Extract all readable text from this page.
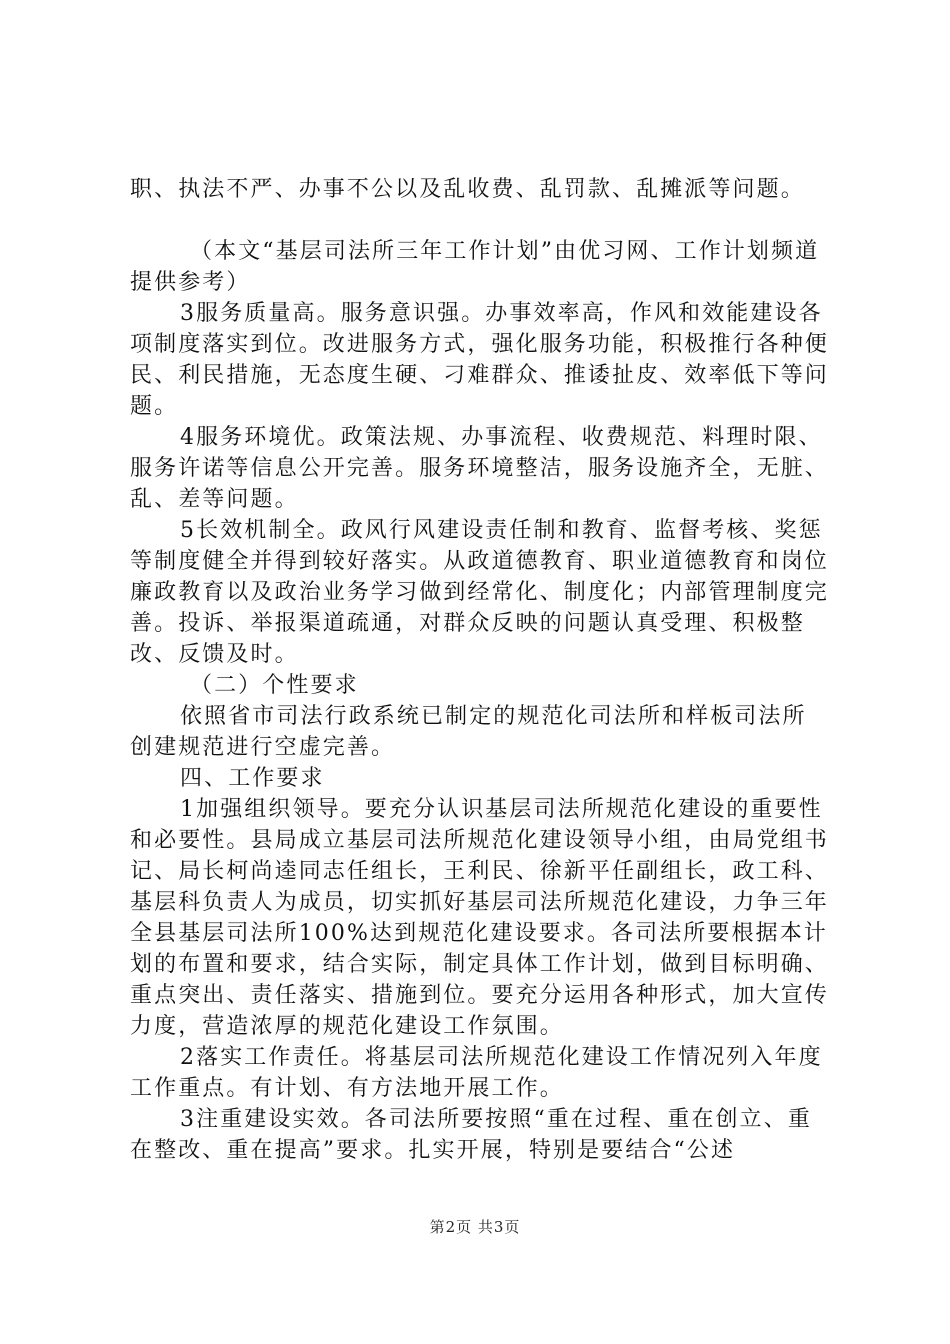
职、执法不严、办事不公以及乱收费、乱罚款、乱摊派等问题。

（本文“基层司法所三年工作计划”由优习网、工作计划频道提供参考）

3服务质量高。服务意识强。办事效率高，作风和效能建设各项制度落实到位。改进服务方式，强化服务功能，积极推行各种便民、利民措施，无态度生硬、刁难群众、推诿扯皮、效率低下等问题。

4服务环境优。政策法规、办事流程、收费规范、料理时限、服务许诺等信息公开完善。服务环境整洁，服务设施齐全，无脏、乱、差等问题。

5长效机制全。政风行风建设责任制和教育、监督考核、奖惩等制度健全并得到较好落实。从政道德教育、职业道德教育和岗位廉政教育以及政治业务学习做到经常化、制度化；内部管理制度完善。投诉、举报渠道疏通，对群众反映的问题认真受理、积极整改、反馈及时。

（二）个性要求

依照省市司法行政系统已制定的规范化司法所和样板司法所创建规范进行空虚完善。

四、工作要求

1加强组织领导。要充分认识基层司法所规范化建设的重要性和必要性。县局成立基层司法所规范化建设领导小组，由局党组书记、局长柯尚逵同志任组长，王利民、徐新平任副组长，政工科、基层科负责人为成员，切实抓好基层司法所规范化建设，力争三年全县基层司法所100%达到规范化建设要求。各司法所要根据本计划的布置和要求，结合实际，制定具体工作计划，做到目标明确、重点突出、责任落实、措施到位。要充分运用各种形式，加大宣传力度，营造浓厚的规范化建设工作氛围。

2落实工作责任。将基层司法所规范化建设工作情况列入年度工作重点。有计划、有方法地开展工作。

3注重建设实效。各司法所要按照“重在过程、重在创立、重在整改、重在提高”要求。扎实开展，特别是要结合“公述

第2页 共3页
